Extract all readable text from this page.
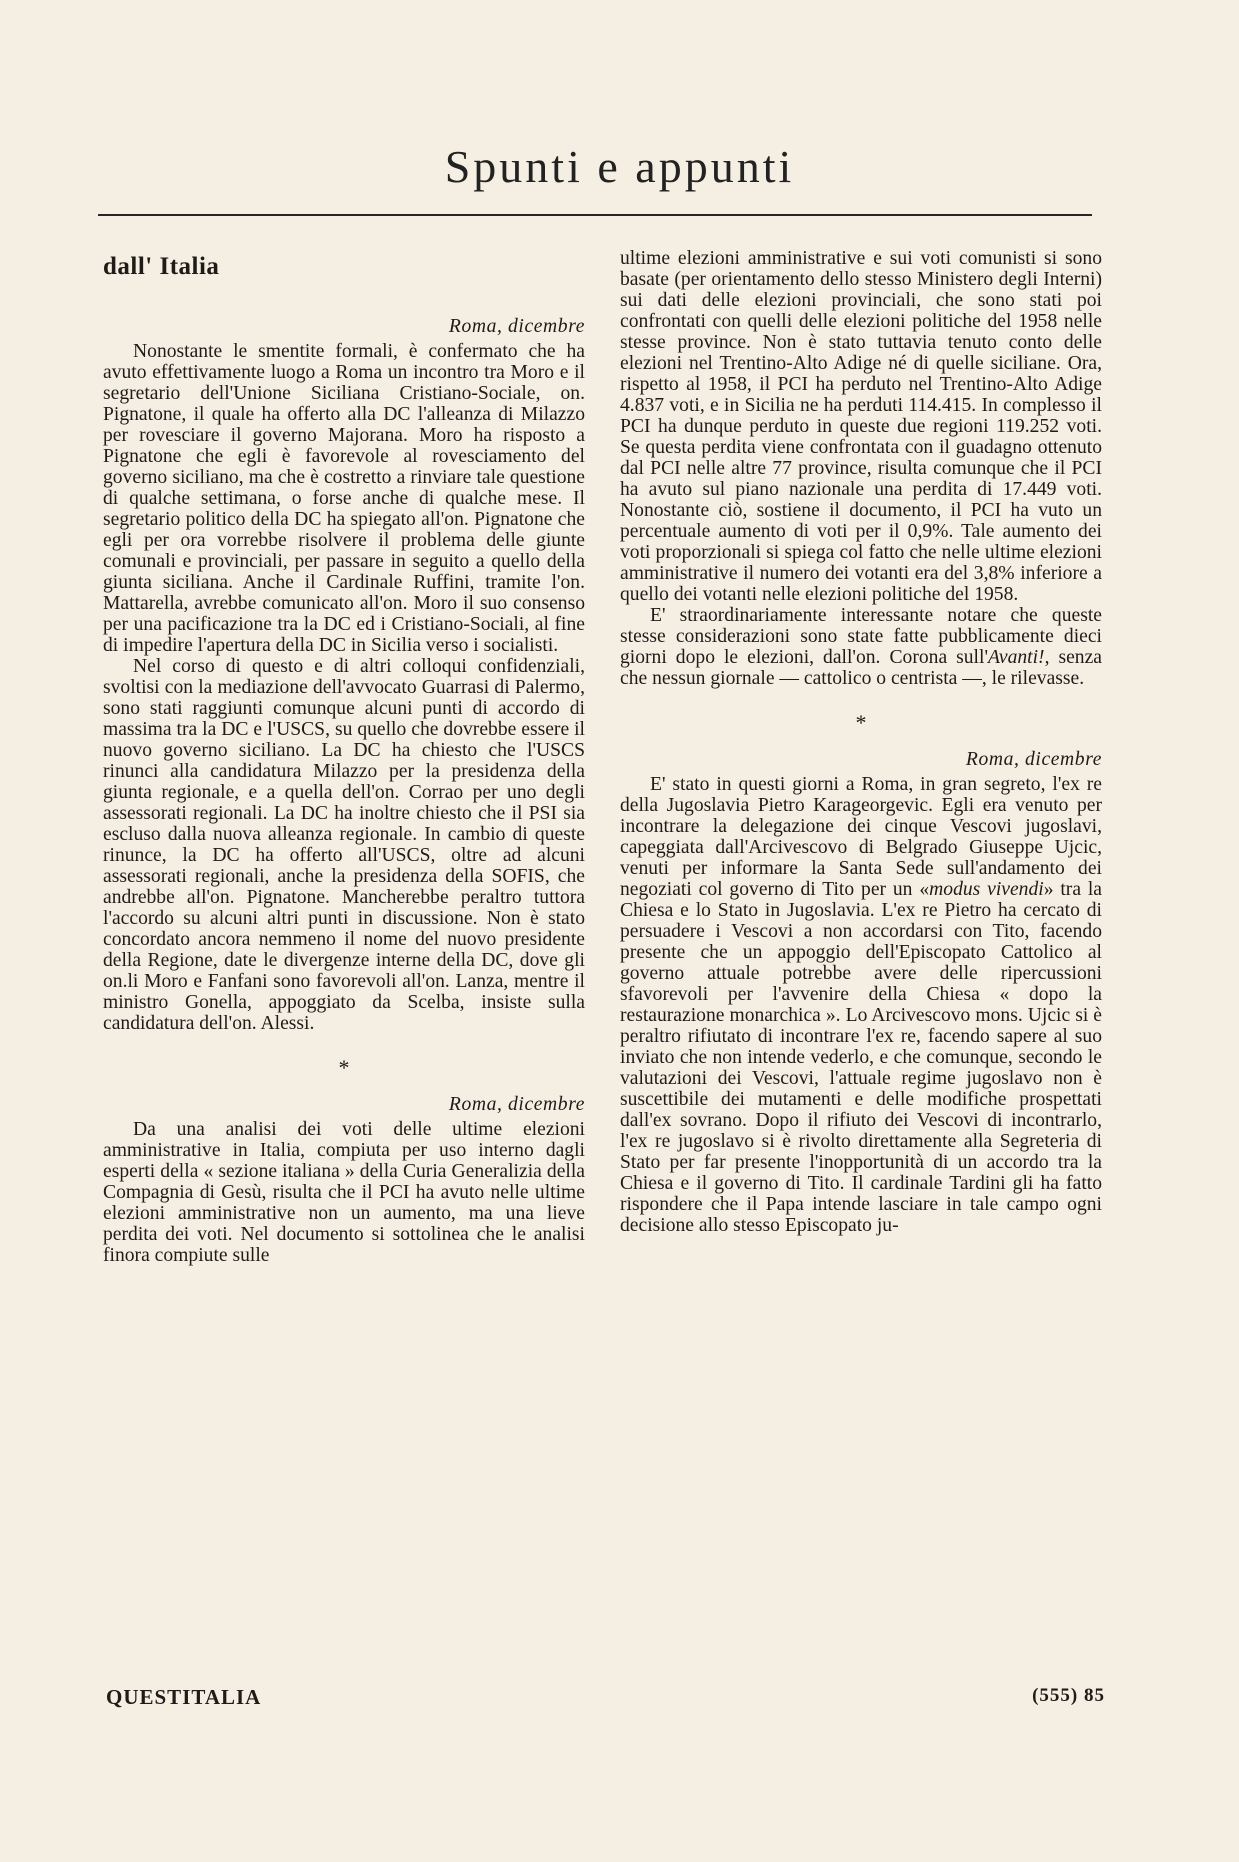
Spunti e appunti
dall' Italia
Roma, dicembre

Nonostante le smentite formali, è confermato che ha avuto effettivamente luogo a Roma un incontro tra Moro e il segretario dell'Unione Siciliana Cristiano-Sociale, on. Pignatone, il quale ha offerto alla DC l'alleanza di Milazzo per rovesciare il governo Majorana. Moro ha risposto a Pignatone che egli è favorevole al rovesciamento del governo siciliano, ma che è costretto a rinviare tale questione di qualche settimana, o forse anche di qualche mese. Il segretario politico della DC ha spiegato all'on. Pignatone che egli per ora vorrebbe risolvere il problema delle giunte comunali e provinciali, per passare in seguito a quello della giunta siciliana. Anche il Cardinale Ruffini, tramite l'on. Mattarella, avrebbe comunicato all'on. Moro il suo consenso per una pacificazione tra la DC ed i Cristiano-Sociali, al fine di impedire l'apertura della DC in Sicilia verso i socialisti.

Nel corso di questo e di altri colloqui confidenziali, svoltisi con la mediazione dell'avvocato Guarrasi di Palermo, sono stati raggiunti comunque alcuni punti di accordo di massima tra la DC e l'USCS, su quello che dovrebbe essere il nuovo governo siciliano. La DC ha chiesto che l'USCS rinunci alla candidatura Milazzo per la presidenza della giunta regionale, e a quella dell'on. Corrao per uno degli assessorati regionali. La DC ha inoltre chiesto che il PSI sia escluso dalla nuova alleanza regionale. In cambio di queste rinunce, la DC ha offerto all'USCS, oltre ad alcuni assessorati regionali, anche la presidenza della SOFIS, che andrebbe all'on. Pignatone. Mancherebbe peraltro tuttora l'accordo su alcuni altri punti in discussione. Non è stato concordato ancora nemmeno il nome del nuovo presidente della Regione, date le divergenze interne della DC, dove gli on.li Moro e Fanfani sono favorevoli all'on. Lanza, mentre il ministro Gonella, appoggiato da Scelba, insiste sulla candidatura dell'on. Alessi.

*
Roma, dicembre

Da una analisi dei voti delle ultime elezioni amministrative in Italia, compiuta per uso interno dagli esperti della « sezione italiana » della Curia Generalizia della Compagnia di Gesù, risulta che il PCI ha avuto nelle ultime elezioni amministrative non un aumento, ma una lieve perdita dei voti. Nel documento si sottolinea che le analisi finora compiute sulle

ultime elezioni amministrative e sui voti comunisti si sono basate (per orientamento dello stesso Ministero degli Interni) sui dati delle elezioni provinciali, che sono stati poi confrontati con quelli delle elezioni politiche del 1958 nelle stesse province. Non è stato tuttavia tenuto conto delle elezioni nel Trentino-Alto Adige né di quelle siciliane. Ora, rispetto al 1958, il PCI ha perduto nel Trentino-Alto Adige 4.837 voti, e in Sicilia ne ha perduti 114.415. In complesso il PCI ha dunque perduto in queste due regioni 119.252 voti. Se questa perdita viene confrontata con il guadagno ottenuto dal PCI nelle altre 77 province, risulta comunque che il PCI ha avuto sul piano nazionale una perdita di 17.449 voti. Nonostante ciò, sostiene il documento, il PCI ha vuto un percentuale aumento di voti per il 0,9%. Tale aumento dei voti proporzionali si spiega col fatto che nelle ultime elezioni amministrative il numero dei votanti era del 3,8% inferiore a quello dei votanti nelle elezioni politiche del 1958.

E' straordinariamente interessante notare che queste stesse considerazioni sono state fatte pubblicamente dieci giorni dopo le elezioni, dall'on. Corona sull'Avanti!, senza che nessun giornale — cattolico o centrista —, le rilevasse.

*
Roma, dicembre

E' stato in questi giorni a Roma, in gran segreto, l'ex re della Jugoslavia Pietro Karageorgevic. Egli era venuto per incontrare la delegazione dei cinque Vescovi jugoslavi, capeggiata dall'Arcivescovo di Belgrado Giuseppe Ujcic, venuti per informare la Santa Sede sull'andamento dei negoziati col governo di Tito per un «modus vivendi» tra la Chiesa e lo Stato in Jugoslavia. L'ex re Pietro ha cercato di persuadere i Vescovi a non accordarsi con Tito, facendo presente che un appoggio dell'Episcopato Cattolico al governo attuale potrebbe avere delle ripercussioni sfavorevoli per l'avvenire della Chiesa « dopo la restaurazione monarchica ». Lo Arcivescovo mons. Ujcic si è peraltro rifiutato di incontrare l'ex re, facendo sapere al suo inviato che non intende vederlo, e che comunque, secondo le valutazioni dei Vescovi, l'attuale regime jugoslavo non è suscettibile dei mutamenti e delle modifiche prospettati dall'ex sovrano. Dopo il rifiuto dei Vescovi di incontrarlo, l'ex re jugoslavo si è rivolto direttamente alla Segreteria di Stato per far presente l'inopportunità di un accordo tra la Chiesa e il governo di Tito. Il cardinale Tardini gli ha fatto rispondere che il Papa intende lasciare in tale campo ogni decisione allo stesso Episcopato ju-

QUESTITALIA	(555) 85
